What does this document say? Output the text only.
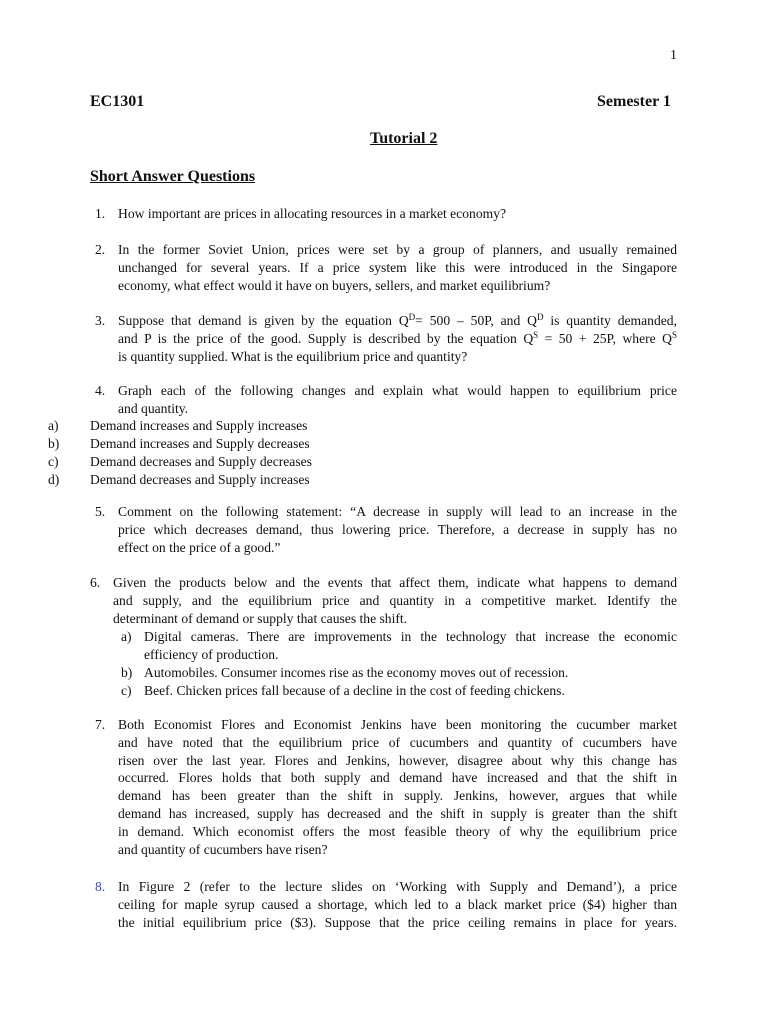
1
EC1301	Semester 1
Tutorial 2
Short Answer Questions
1. How important are prices in allocating resources in a market economy?
2. In the former Soviet Union, prices were set by a group of planners, and usually remained
unchanged for several years. If a price system like this were introduced in the Singapore
economy, what effect would it have on buyers, sellers, and market equilibrium?
3. Suppose that demand is given by the equation $Q^D= 500 - 50P$, and $Q^D$ is quantity demanded,
and P is the price of the good. Supply is described by the equation $Q^S = 50 + 25P$, where $Q^S$
is quantity supplied. What is the equilibrium price and quantity?
4. Graph each of the following changes and explain what would happen to equilibrium price
and quantity.
a) Demand increases and Supply increases
b) Demand increases and Supply decreases
c) Demand decreases and Supply decreases
d) Demand decreases and Supply increases
5. Comment on the following statement: “A decrease in supply will lead to an increase in the
price which decreases demand, thus lowering price. Therefore, a decrease in supply has no
effect on the price of a good.”
6. Given the products below and the events that affect them, indicate what happens to demand
and supply, and the equilibrium price and quantity in a competitive market. Identify the
determinant of demand or supply that causes the shift.
a) Digital cameras. There are improvements in the technology that increase the economic
efficiency of production.
b) Automobiles. Consumer incomes rise as the economy moves out of recession.
c) Beef. Chicken prices fall because of a decline in the cost of feeding chickens.
7. Both Economist Flores and Economist Jenkins have been monitoring the cucumber market
and have noted that the equilibrium price of cucumbers and quantity of cucumbers have
risen over the last year. Flores and Jenkins, however, disagree about why this change has
occurred. Flores holds that both supply and demand have increased and that the shift in
demand has been greater than the shift in supply. Jenkins, however, argues that while
demand has increased, supply has decreased and the shift in supply is greater than the shift
in demand. Which economist offers the most feasible theory of why the equilibrium price
and quantity of cucumbers have risen?
8. In Figure 2 (refer to the lecture slides on ‘Working with Supply and Demand’), a price
ceiling for maple syrup caused a shortage, which led to a black market price ($4) higher than
the initial equilibrium price ($3). Suppose that the price ceiling remains in place for years.
